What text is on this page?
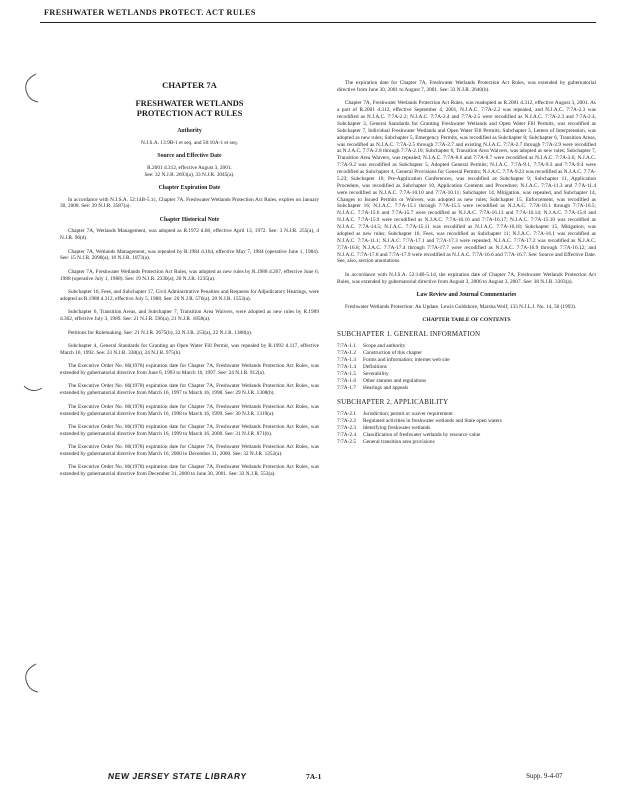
FRESHWATER WETLANDS PROTECT. ACT RULES
CHAPTER 7A
FRESHWATER WETLANDS
PROTECTION ACT RULES
Authority

N.J.S.A. 13:9B-1 et seq. and 58:10A-1 et seq.

Source and Effective Date
R.2001 d.312, effective August 3, 2001.

See: 32 N.J.R. 2693(a), 33 N.J.R. 3045(a).

Chapter Expiration Date

In accordance with N.J.S.A. 52:14B-5.1c, Chapter 7A, Freshwater Wetlands Protection Act Rules, expires on January 30, 2008. See: 39 N.J.R. 3587(a).

Chapter Historical Note

Chapter 7A, Wetlands Management, was adopted as R.1972 d.68, effective April 13, 1972. See: 3 N.J.R. 255(a), 4 N.J.R. 96(d).

Chapter 7A, Wetlands Management, was repealed by R.1984 d.164, effective May 7, 1984 (operative June 1, 1984). See: 15 N.J.R. 2090(a), 16 N.J.R. 1073(a).

Chapter 7A, Freshwater Wetlands Protection Act Rules, was adopted as new rules by R.1988 d.267, effective June 6, 1988 (operative July 1, 1988). See: 19 N.J.R. 2330(a), 20 N.J.R. 1235(a).

Subchapter 16, Fees, and Subchapter 17, Civil Administrative Penalties and Requests for Adjudicatory Hearings, were adopted as R.1988 d.312, effective July 5, 1988. See: 20 N.J.R. 576(a), 20 N.J.R. 1553(a).

Subchapter 6, Transition Areas, and Subchapter 7, Transition Area Waivers, were adopted as new rules by R.1989 d.362, effective July 3, 1989. See: 21 N.J.R. 596(a), 21 N.J.R. 1858(a).

Petitions for Rulemaking. See: 21 N.J.R. 2675(b), 22 N.J.R. 253(a), 22 N.J.R. 1388(a).

Subchapter 4, General Standards for Granting an Open Water Fill Permit, was repealed by R.1992 d.117, effective March 16, 1992. See: 23 N.J.R. 338(a), 24 N.J.R. 975(b).

The Executive Order No. 66(1978) expiration date for Chapter 7A, Freshwater Wetlands Protection Act Rules, was extended by gubernatorial directive from June 6, 1993 to March 16, 1997. See: 24 N.J.R. 912(a).

The Executive Order No. 66(1978) expiration date for Chapter 7A, Freshwater Wetlands Protection Act Rules, was extended by gubernatorial directive from March 16, 1997 to March 16, 1998. See: 29 N.J.R. 1308(b).

The Executive Order No. 66(1978) expiration date for Chapter 7A, Freshwater Wetlands Protection Act Rules, was extended by gubernatorial directive from March 16, 1998 to March 16, 1999. See: 30 N.J.R. 1319(a).

The Executive Order No. 66(1978) expiration date for Chapter 7A, Freshwater Wetlands Protection Act Rules, was extended by gubernatorial directive from March 16, 1999 to March 16, 2000. See: 31 N.J.R. 871(b).

The Executive Order No. 66(1978) expiration date for Chapter 7A, Freshwater Wetlands Protection Act Rules, was extended by gubernatorial directive from March 16, 2000 to December 31, 2000. See: 32 N.J.R. 1252(a).

The Executive Order No. 66(1978) expiration date for Chapter 7A, Freshwater Wetlands Protection Act Rules, was extended by gubernatorial directive from December 31, 2000 to June 30, 2001. See: 33 N.J.R. 553(a).

The expiration date for Chapter 7A, Freshwater Wetlands Protection Act Rules, was extended by gubernatorial directive from June 30, 2001 to August 7, 2001. See: 33 N.J.R. 2640(b).

Chapter 7A, Freshwater Wetlands Protection Act Rules, was readopted as R.2001 d.312, effective August 3, 2001. As a part of R.2001 d.312, effective September 4, 2001, N.J.A.C. 7:7A-2.2 was repealed, and N.J.A.C. 7:7A-2.3 was recodified as N.J.A.C. 7:7A-2.2; N.J.A.C. 7:7A-2.4 and 7:7A-2.5 were recodified as N.J.A.C. 7:7A-2.3 and 7:7A-2.4, Subchapter 3, General Standards for Granting Freshwater Wetlands and Open Water Fill Permits, was recodified as Subchapter 7, Individual Freshwater Wetlands and Open Water Fill Permits; Subchapter 3, Letters of Interpretation, was adopted as new rules; Subchapter 5, Emergency Permits, was recodified as Subchapter 8; Subchapter 6, Transition Areas, was recodified as N.J.A.C. 7:7A-2.5 through 7:7A-2.7 and existing N.J.A.C. 7:7A-2.7 through 7:7A-2.9 were recodified as N.J.A.C. 7:7A-2.8 through 7:7A-2.10; Subchapter 6, Transition Area Waivers, was adopted as new rules; Subchapter 7, Transition Area Waivers, was repealed; N.J.A.C. 7:7A-8.6 and 7:7A-8.7 were recodified as N.J.A.C. 7:7A-3.6; N.J.A.C. 7:7A-9.2 was recodified as Subchapter 5, Adopted General Permits; N.J.A.C. 7:7A-9.1, 7:7A-9.3 and 7:7A-9.4 were recodified as Subchapter 4, General Provisions for General Permits; N.J.A.C. 7:7A-9.23 was recodified as N.J.A.C. 7:7A-5.23; Subchapter 10, Pre-Application Conferences, was recodified as Subchapter 9; Subchapter 11, Application Procedure, was recodified as Subchapter 10, Application Contents and Procedure; N.J.A.C. 7:7A-11.3 and 7:7A-11.4 were recodified as N.J.A.C. 7:7A-10.10 and 7:7A-10.11; Subchapter 14, Mitigation, was repealed, and Subchapter 14, Changes to Issued Permits or Waivers, was adopted as new rules; Subchapter 15, Enforcement, was recodified as Subchapter 16; N.J.A.C. 7:7A-15.1 through 7:7A-15.5 were recodified as N.J.A.C. 7:7A-16.1 through 7:7A-16.5; N.J.A.C. 7:7A-15.6 and 7:7A-15.7 were recodified as N.J.A.C. 7:7A-16.13 and 7:7A-16.14; N.J.A.C. 7:7A-15.8 and N.J.A.C. 7:7A-15.9 were recodified as N.J.A.C. 7:7A-16.16 and 7:7A-16.17; N.J.A.C. 7:7A-15.10 was recodified as N.J.A.C. 7:7A-14.5; N.J.A.C. 7:7A-15.11 was recodified as N.J.A.C. 7:7A-16.18; Subchapter 15, Mitigation, was adopted as new rules; Subchapter 16, Fees, was recodified as Subchapter 11; N.J.A.C. 7:7A-16.1 was recodified as N.J.A.C. 7:7A-11.1; N.J.A.C. 7:7A-17.1 and 7:7A-17.3 were repealed; N.J.A.C. 7:7A-17.2 was recodified as N.J.A.C. 7:7A-16.8; N.J.A.C. 7:7A-17.4 through 7:7A-17.7 were recodified as N.J.A.C. 7:7A-16.9 through 7:7A-16.12; and N.J.A.C. 7:7A-17.8 and 7:7A-17.9 were recodified as N.J.A.C. 7:7A-16.6 and 7:7A-16.7. See: Source and Effective Date. See, also, section annotations.

In accordance with N.J.S.A. 52:14B-5.1d, the expiration date of Chapter 7A, Freshwater Wetlands Protection Act Rules, was extended by gubernatorial directive from August 3, 2006 to August 3, 2007. See: 38 N.J.R. 3303(a).

Law Review and Journal Commentaries

Freshwater Wetlands Protection: An Update. Lewis Goldshore, Marsha Wolf, 133 N.J.L.J. No. 14, 56 (1993).

CHAPTER TABLE OF CONTENTS
SUBCHAPTER 1. GENERAL INFORMATION
7:7A-1.1	Scope and authority
7:7A-1.2	Construction of this chapter
7:7A-1.3	Forms and information; internet web site
7:7A-1.4	Definitions
7:7A-1.5	Severability
7:7A-1.6	Other statutes and regulations
7:7A-1.7	Hearings and appeals
SUBCHAPTER 2. APPLICABILITY
7:7A-2.1	Jurisdiction; permit or waiver requirement
7:7A-2.2	Regulated activities in freshwater wetlands and State open waters
7:7A-2.3	Identifying freshwater wetlands
7:7A-2.4	Classification of freshwater wetlands by resource value
7:7A-2.5	General transition area provisions
NEW JERSEY STATE LIBRARY	7A-1	Supp. 9-4-07
